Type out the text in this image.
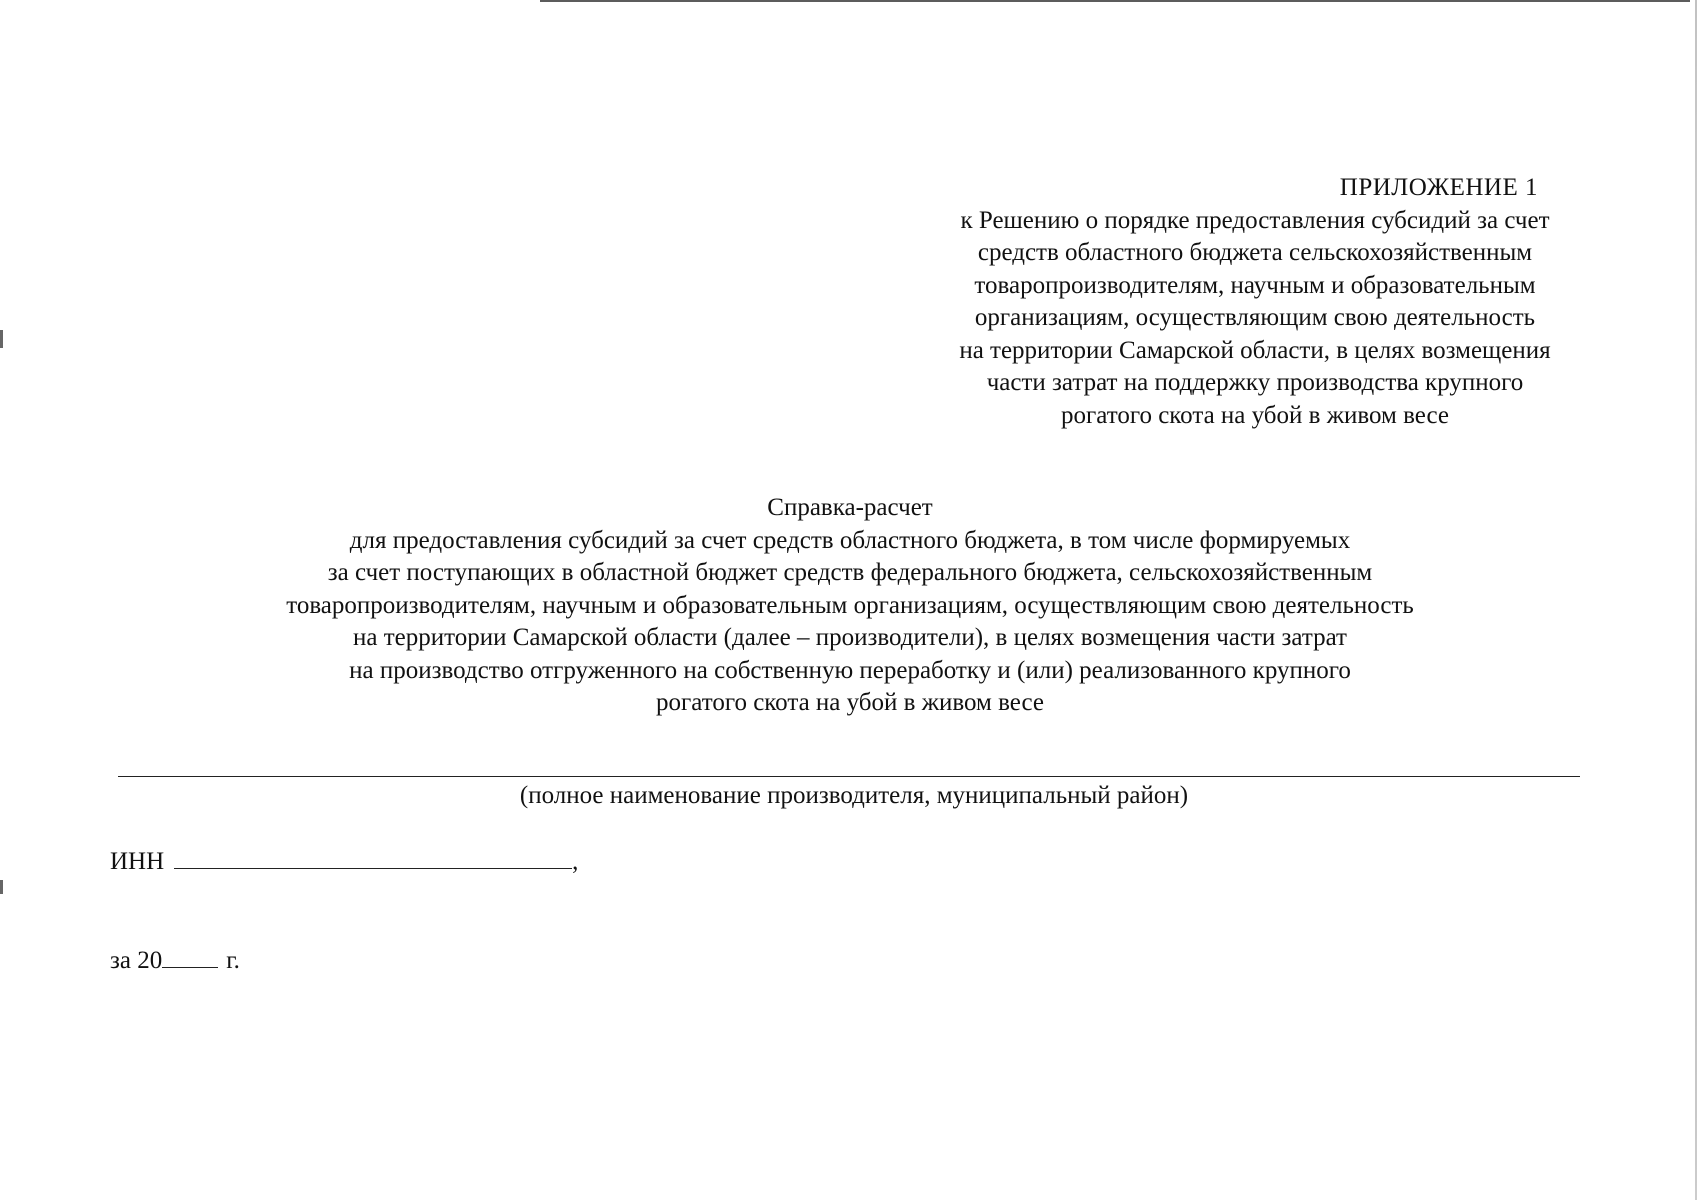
ПРИЛОЖЕНИЕ 1
к Решению о порядке предоставления субсидий за счет
средств областного бюджета сельскохозяйственным
товаропроизводителям, научным и образовательным
организациям, осуществляющим свою деятельность
на территории Самарской области, в целях возмещения
части затрат на поддержку производства крупного
рогатого скота на убой в живом весе
Справка-расчет
для предоставления субсидий за счет средств областного бюджета, в том числе формируемых
за счет поступающих в областной бюджет средств федерального бюджета, сельскохозяйственным
товаропроизводителям, научным и образовательным организациям, осуществляющим свою деятельность
на территории Самарской области (далее – производители), в целях возмещения части затрат
на производство отгруженного на собственную переработку и (или) реализованного крупного
рогатого скота на убой в живом весе
(полное наименование производителя, муниципальный район)
ИНН	,
за 20	г.
